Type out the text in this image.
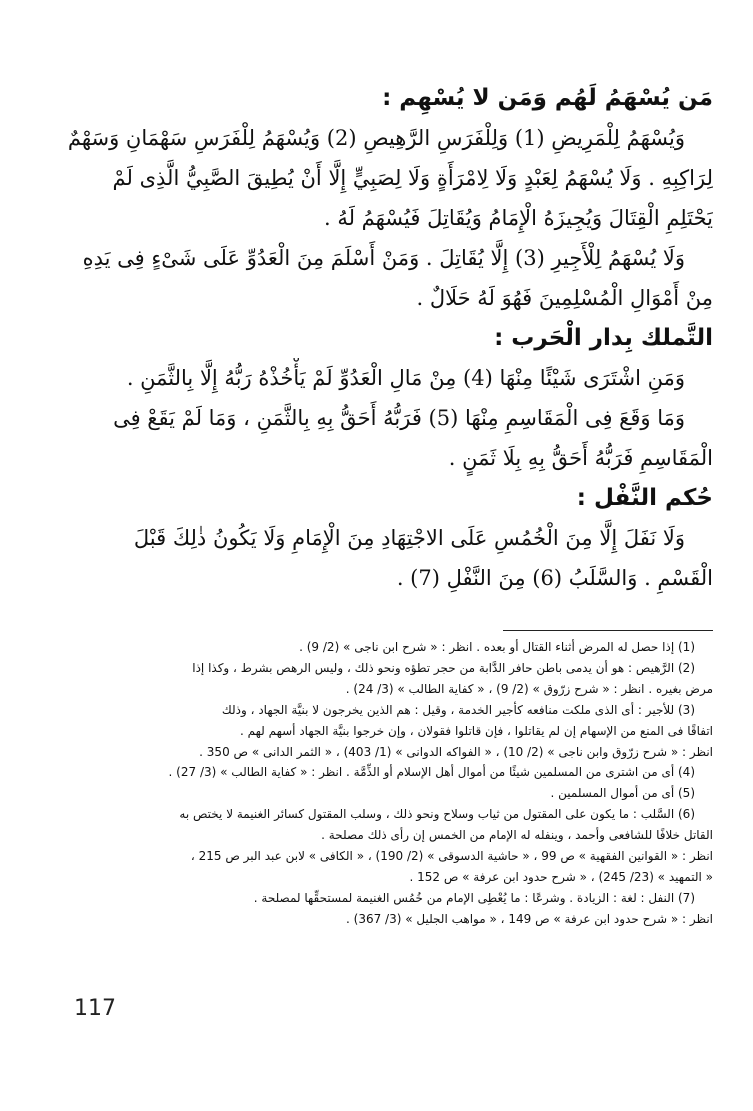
مَن يُسْهَمُ لَهُم وَمَن لا يُسْهِم :
وَيُسْهَمُ لِلْمَرِيضِ (1) وَلِلْفَرَسِ الرَّهِيصِ (2) وَيُسْهَمُ لِلْفَرَسِ سَهْمَانِ وَسَهْمٌ
لِرَاكِبِهِ . وَلَا يُسْهَمُ لِعَبْدٍ وَلَا لِامْرَأَةٍ وَلَا لِصَبِيٍّ إِلَّا أَنْ يُطِيقَ الصَّبِيُّ الَّذِى لَمْ
يَحْتَلِمِ الْقِتَالَ وَيُجِيزَهُ الْإِمَامُ وَيُقَاتِلَ فَيُسْهَمُ لَهُ .
وَلَا يُسْهَمُ لِلْأَجِيرِ (3) إِلَّا يُقَاتِلَ . وَمَنْ أَسْلَمَ مِنَ الْعَدُوِّ عَلَى شَىْءٍ فِى يَدِهِ
مِنْ أَمْوَالِ الْمُسْلِمِينَ فَهُوَ لَهُ حَلَالٌ .
التَّملك بِدار الْحَرب :
وَمَنِ اشْتَرَى شَيْئًا مِنْهَا (4) مِنْ مَالِ الْعَدُوِّ لَمْ يَأْخُذْهُ رَبُّهُ إِلَّا بِالثَّمَنِ .
وَمَا وَقَعَ فِى الْمَقَاسِمِ مِنْهَا (5) فَرَبُّهُ أَحَقُّ بِهِ بِالثَّمَنِ ، وَمَا لَمْ يَقَعْ فِى
الْمَقَاسِمِ فَرَبُّهُ أَحَقُّ بِهِ بِلَا ثَمَنٍ .
حُكم النَّفْل :
وَلَا نَفَلَ إِلَّا مِنَ الْخُمُسِ عَلَى الاجْتِهَادِ مِنَ الْإِمَامِ وَلَا يَكُونُ ذٰلِكَ قَبْلَ
الْقَسْمِ . وَالسَّلَبُ (6) مِنَ النَّفْلِ (7) .
(1) إذا حصل له المرض أثناء القتال أو بعده . انظر : « شرح ابن ناجى » (2/ 9) .
(2) الرَّهيص : هو أن يدمى باطن حافر الدَّابة من حجر تطؤه ونحو ذلك ، وليس الرهص بشرط ، وكذا إذا
مرض بغيره . انظر : « شرح زرّوق » (2/ 9) ، « كفاية الطالب » (3/ 24) .
(3) للأجير : أى الذى ملكت منافعه كأجير الخدمة ، وقيل : هم الذين يخرجون لا بنيَّة الجهاد ، وذلك
اتفاقًا فى المنع من الإسهام إن لم يقاتلوا ، فإن قاتلوا فقولان ، وإن خرجوا بنيَّة الجهاد أسهم لهم .
انظر : « شرح زرّوق وابن ناجى » (2/ 10) ، « الفواكه الدوانى » (1/ 403) ، « الثمر الدانى » ص 350 .
(4) أى من اشترى من المسلمين شيئًا من أموال أهل الإسلام أو الذِّمَّة . انظر : « كفاية الطالب » (3/ 27) .
(5) أى من أموال المسلمين .
(6) السَّلب : ما يكون على المقتول من ثياب وسلاح ونحو ذلك ، وسلب المقتول كسائر الغنيمة لا يختص به
القاتل خلافًا للشافعى وأحمد ، وينفله له الإمام من الخمس إن رأى ذلك مصلحة .
انظر : « القوانين الفقهية » ص 99 ، « حاشية الدسوقى » (2/ 190) ، « الكافى » لابن عبد البر ص 215 ،
« التمهيد » (23/ 245) ، « شرح حدود ابن عرفة » ص 152 .
(7) النفل : لغة : الزيادة . وشرعًا : ما يُعْطِى الإمام من خُمُس الغنيمة لمستحقِّها لمصلحة .
انظر : « شرح حدود ابن عرفة » ص 149 ، « مواهب الجليل » (3/ 367) .
117
